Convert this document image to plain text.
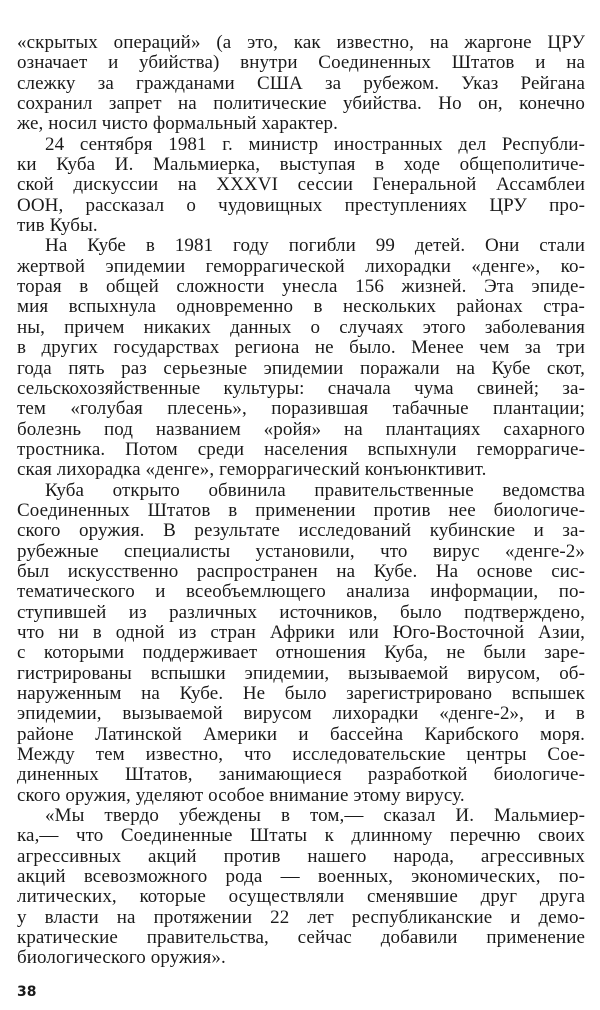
«скрытых операций» (а это, как известно, на жаргоне ЦРУ
означает и убийства) внутри Соединенных Штатов и на
слежку за гражданами США за рубежом. Указ Рейгана
сохранил запрет на политические убийства. Но он, конечно
же, носил чисто формальный характер.
24 сентября 1981 г. министр иностранных дел Республи-
ки Куба И. Мальмиерка, выступая в ходе общеполитиче-
ской дискуссии на XXXVI сессии Генеральной Ассамблеи
ООН, рассказал о чудовищных преступлениях ЦРУ про-
тив Кубы.
На Кубе в 1981 году погибли 99 детей. Они стали
жертвой эпидемии геморрагической лихорадки «денге», ко-
торая в общей сложности унесла 156 жизней. Эта эпиде-
мия вспыхнула одновременно в нескольких районах стра-
ны, причем никаких данных о случаях этого заболевания
в других государствах региона не было. Менее чем за три
года пять раз серьезные эпидемии поражали на Кубе скот,
сельскохозяйственные культуры: сначала чума свиней; за-
тем «голубая плесень», поразившая табачные плантации;
болезнь под названием «ройя» на плантациях сахарного
тростника. Потом среди населения вспыхнули геморрагиче-
ская лихорадка «денге», геморрагический конъюнктивит.
Куба открыто обвинила правительственные ведомства
Соединенных Штатов в применении против нее биологиче-
ского оружия. В результате исследований кубинские и за-
рубежные специалисты установили, что вирус «денге-2»
был искусственно распространен на Кубе. На основе сис-
тематического и всеобъемлющего анализа информации, по-
ступившей из различных источников, было подтверждено,
что ни в одной из стран Африки или Юго-Восточной Азии,
с которыми поддерживает отношения Куба, не были заре-
гистрированы вспышки эпидемии, вызываемой вирусом, об-
наруженным на Кубе. Не было зарегистрировано вспышек
эпидемии, вызываемой вирусом лихорадки «денге-2», и в
районе Латинской Америки и бассейна Карибского моря.
Между тем известно, что исследовательские центры Сое-
диненных Штатов, занимающиеся разработкой биологиче-
ского оружия, уделяют особое внимание этому вирусу.
«Мы твердо убеждены в том,— сказал И. Мальмиер-
ка,— что Соединенные Штаты к длинному перечню своих
агрессивных акций против нашего народа, агрессивных
акций всевозможного рода — военных, экономических, по-
литических, которые осуществляли сменявшие друг друга
у власти на протяжении 22 лет республиканские и демо-
кратические правительства, сейчас добавили применение
биологического оружия».
38
